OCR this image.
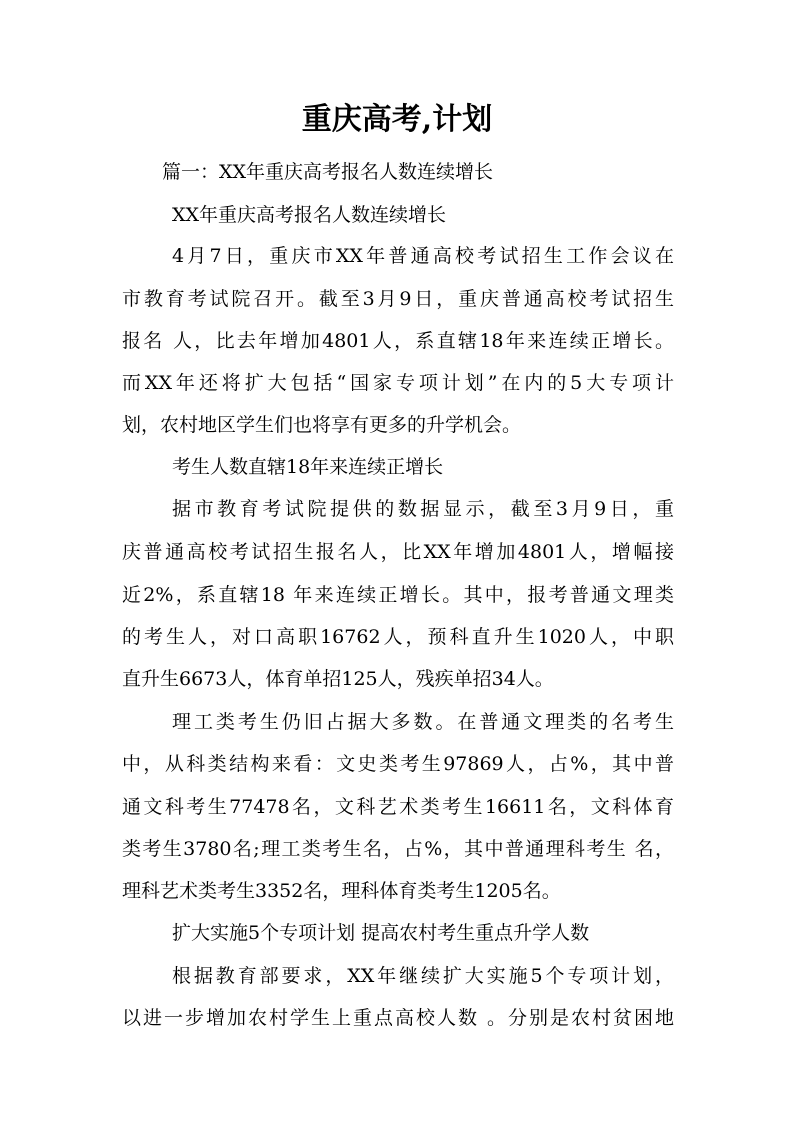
重庆高考,计划
篇一：XX年重庆高考报名人数连续增长
XX年重庆高考报名人数连续增长
4月7日，重庆市XX年普通高校考试招生工作会议在
市教育考试院召开。截至3月9日，重庆普通高校考试招生
报名 人，比去年增加4801人，系直辖18年来连续正增长。
而XX年还将扩大包括“国家专项计划”在内的5大专项计
划，农村地区学生们也将享有更多的升学机会。
考生人数直辖18年来连续正增长
据市教育考试院提供的数据显示，截至3月9日，重
庆普通高校考试招生报名人，比XX年增加4801人，增幅接
近2%，系直辖18 年来连续正增长。其中，报考普通文理类
的考生人，对口高职16762人，预科直升生1020人，中职
直升生6673人，体育单招125人，残疾单招34人。
理工类考生仍旧占据大多数。在普通文理类的名考生
中，从科类结构来看：文史类考生97869人，占%，其中普
通文科考生77478名，文科艺术类考生16611名，文科体育
类考生3780名;理工类考生名，占%，其中普通理科考生 名，
理科艺术类考生3352名，理科体育类考生1205名。
扩大实施5个专项计划 提高农村考生重点升学人数
根据教育部要求，XX年继续扩大实施5个专项计划，
以进一步增加农村学生上重点高校人数 。分别是农村贫困地
